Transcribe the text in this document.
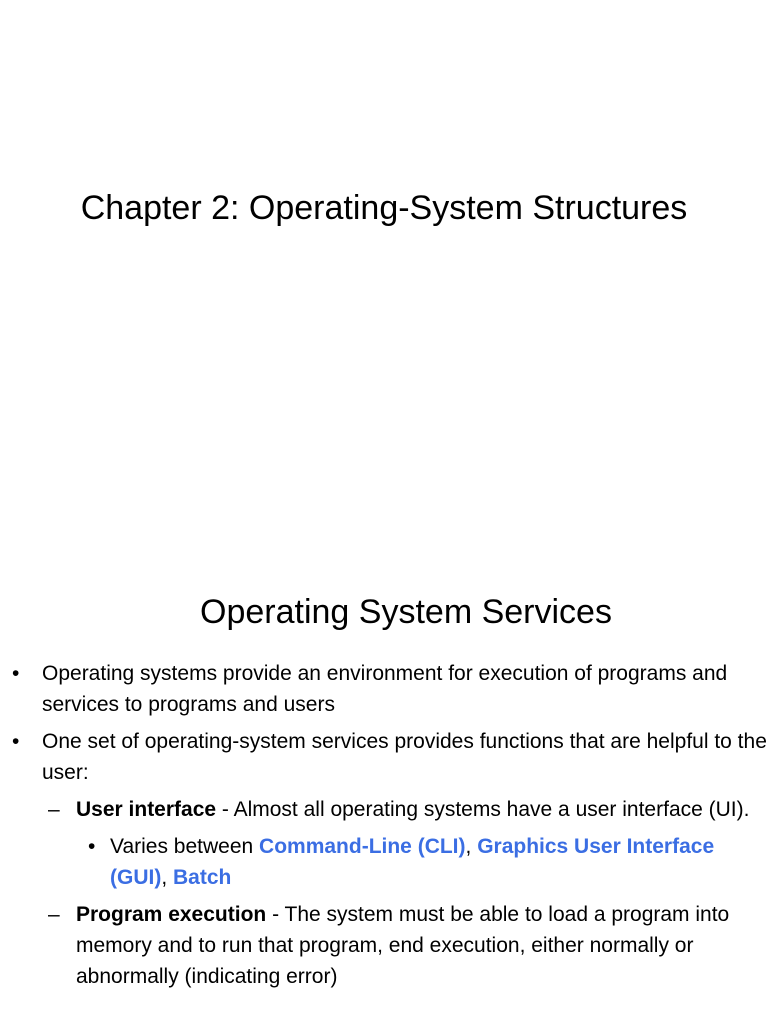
Chapter 2: Operating-System Structures
Operating System Services

• Operating systems provide an environment for execution of programs and services to programs and users

• One set of operating-system services provides functions that are helpful to the user:

– User interface - Almost all operating systems have a user interface (UI).

• Varies between Command-Line (CLI), Graphics User Interface (GUI), Batch

– Program execution - The system must be able to load a program into memory and to run that program, end execution, either normally or abnormally (indicating error)
